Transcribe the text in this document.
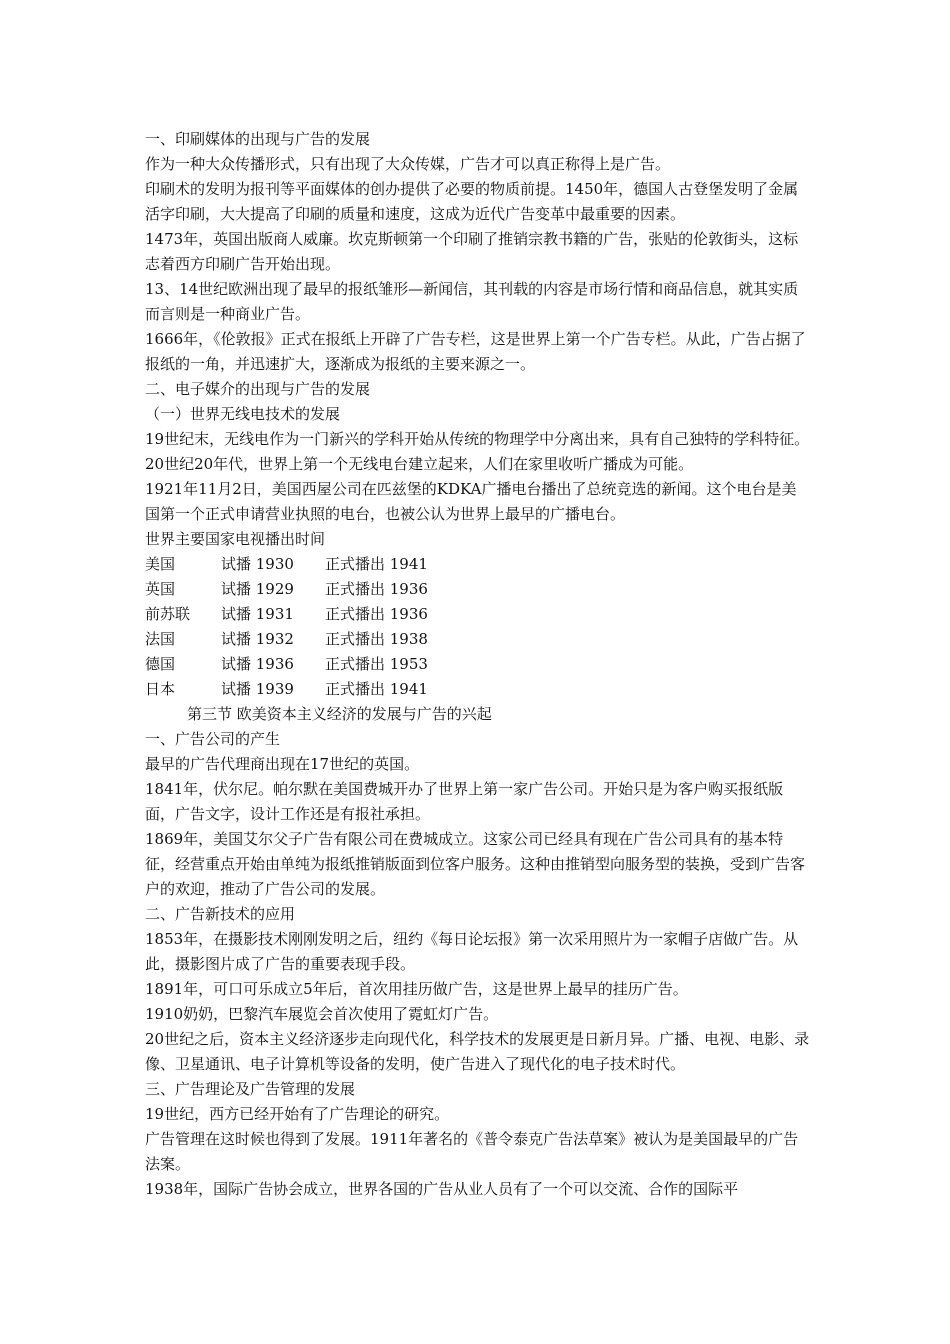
一、印刷媒体的出现与广告的发展

作为一种大众传播形式，只有出现了大众传媒，广告才可以真正称得上是广告。

印刷术的发明为报刊等平面媒体的创办提供了必要的物质前提。1450年，德国人古登堡发明了金属活字印刷，大大提高了印刷的质量和速度，这成为近代广告变革中最重要的因素。

1473年，英国出版商人威廉。坎克斯顿第一个印刷了推销宗教书籍的广告，张贴的伦敦街头，这标志着西方印刷广告开始出现。

13、14世纪欧洲出现了最早的报纸雏形—新闻信，其刊载的内容是市场行情和商品信息，就其实质而言则是一种商业广告。

1666年，《伦敦报》正式在报纸上开辟了广告专栏，这是世界上第一个广告专栏。从此，广告占据了报纸的一角，并迅速扩大，逐渐成为报纸的主要来源之一。

二、电子媒介的出现与广告的发展

（一）世界无线电技术的发展

19世纪末，无线电作为一门新兴的学科开始从传统的物理学中分离出来，具有自己独特的学科特征。

20世纪20年代，世界上第一个无线电台建立起来，人们在家里收听广播成为可能。

1921年11月2日，美国西屋公司在匹兹堡的KDKA广播电台播出了总统竞选的新闻。这个电台是美国第一个正式申请营业执照的电台，也被公认为世界上最早的广播电台。

世界主要国家电视播出时间

美国	试播 1930	正式播出 1941
英国	试播 1929	正式播出 1936
前苏联	试播 1931	正式播出 1936
法国	试播 1932	正式播出 1938
德国	试播 1936	正式播出 1953
日本	试播 1939	正式播出 1941

第三节 欧美资本主义经济的发展与广告的兴起

一、广告公司的产生

最早的广告代理商出现在17世纪的英国。

1841年，伏尔尼。帕尔默在美国费城开办了世界上第一家广告公司。开始只是为客户购买报纸版面，广告文字，设计工作还是有报社承担。

1869年，美国艾尔父子广告有限公司在费城成立。这家公司已经具有现在广告公司具有的基本特征，经营重点开始由单纯为报纸推销版面到位客户服务。这种由推销型向服务型的装换，受到广告客户的欢迎，推动了广告公司的发展。

二、广告新技术的应用

1853年，在摄影技术刚刚发明之后，纽约《每日论坛报》第一次采用照片为一家帽子店做广告。从此，摄影图片成了广告的重要表现手段。

1891年，可口可乐成立5年后，首次用挂历做广告，这是世界上最早的挂历广告。

1910奶奶，巴黎汽车展览会首次使用了霓虹灯广告。

20世纪之后，资本主义经济逐步走向现代化，科学技术的发展更是日新月异。广播、电视、电影、录像、卫星通讯、电子计算机等设备的发明，使广告进入了现代化的电子技术时代。

三、广告理论及广告管理的发展

19世纪，西方已经开始有了广告理论的研究。

广告管理在这时候也得到了发展。1911年著名的《普令泰克广告法草案》被认为是美国最早的广告法案。

1938年，国际广告协会成立，世界各国的广告从业人员有了一个可以交流、合作的国际平
